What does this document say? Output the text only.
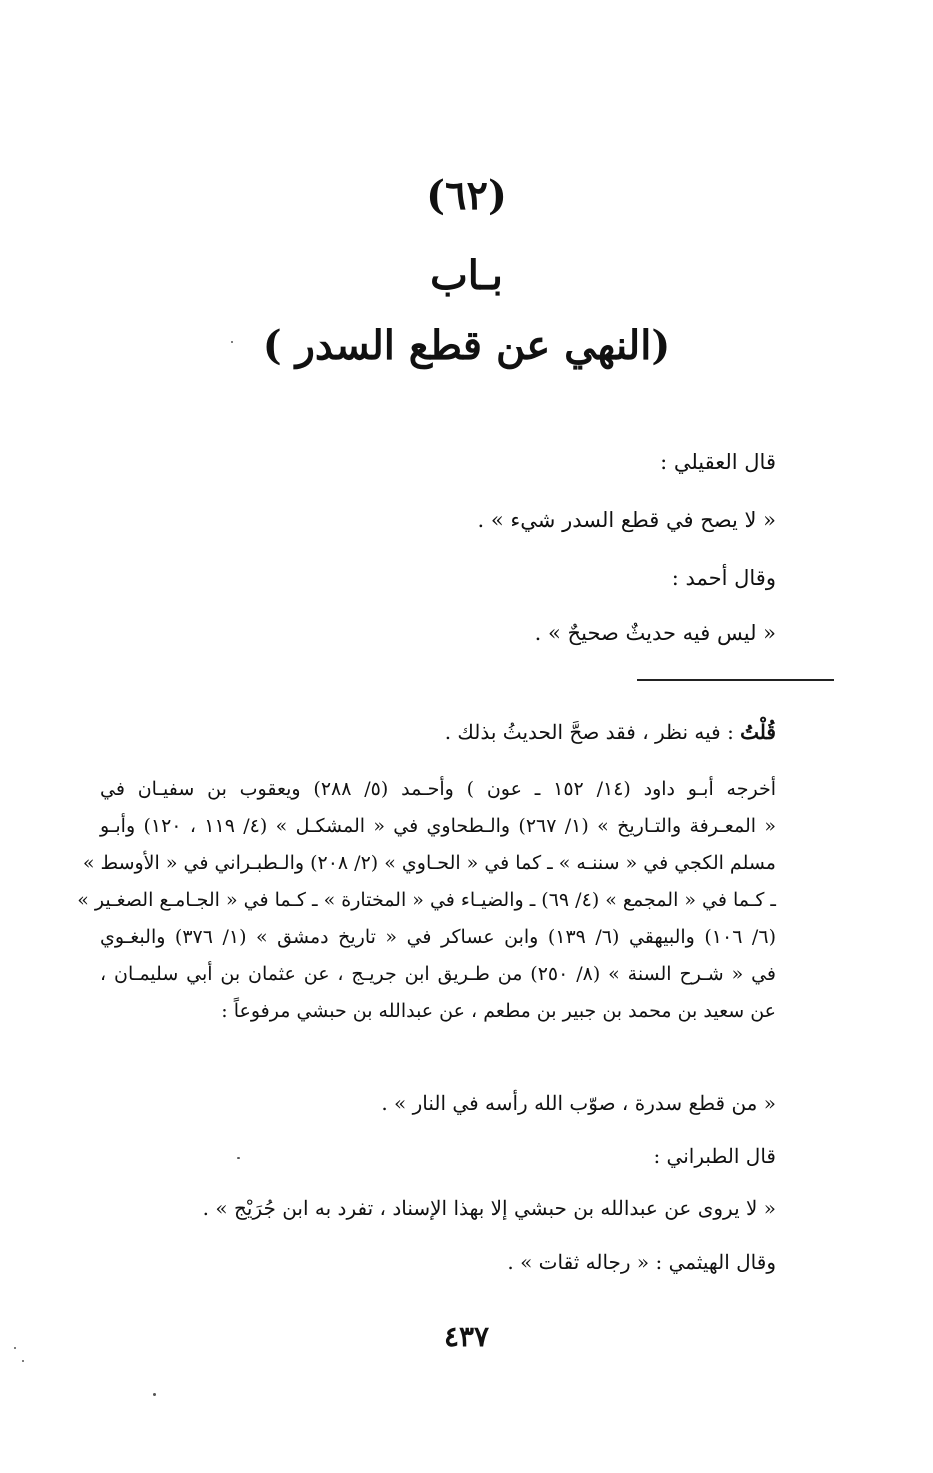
(٦٢)
بـاب
(النهي عن قطع السدر )
قال العقيلي :
« لا يصح في قطع السدر شيء » .
وقال أحمد :
« ليس فيه حديثٌ صحيحٌ » .
قُلْتُ : فيه نظر ، فقد صحَّ الحديثُ بذلك .
أخرجه أبـو داود (١٤/ ١٥٢ ـ عون ) وأحـمد (٥/ ٢٨٨) ويعقوب بن سفيـان في
« المعـرفة والتـاريخ » (١/ ٢٦٧) والـطحاوي في « المشكـل » (٤/ ١١٩ ، ١٢٠) وأبـو
مسلم الكجي في « سننـه » ـ كما في « الحـاوي » (٢/ ٢٠٨) والـطبـراني في « الأوسط »
ـ كـما في « المجمع » (٤/ ٦٩) ـ والضيـاء في « المختارة » ـ كـما في « الجـامـع الصغـير »
(٦/ ١٠٦) والبيهقي (٦/ ١٣٩) وابن عساكر في « تاريخ دمشق » (١/ ٣٧٦) والبغـوي
في « شـرح السنة » (٨/ ٢٥٠) من طـريق ابن جريـج ، عن عثمان بن أبي سليمـان ،
عن سعيد بن محمد بن جبير بن مطعم ، عن عبدالله بن حبشي مرفوعاً :
« من قطع سدرة ، صوّب الله رأسه في النار » .
قال الطبراني :
« لا يروى عن عبدالله بن حبشي إلا بهذا الإسناد ، تفرد به ابن جُرَيْج » .
وقال الهيثمي : « رجاله ثقات » .
٤٣٧
